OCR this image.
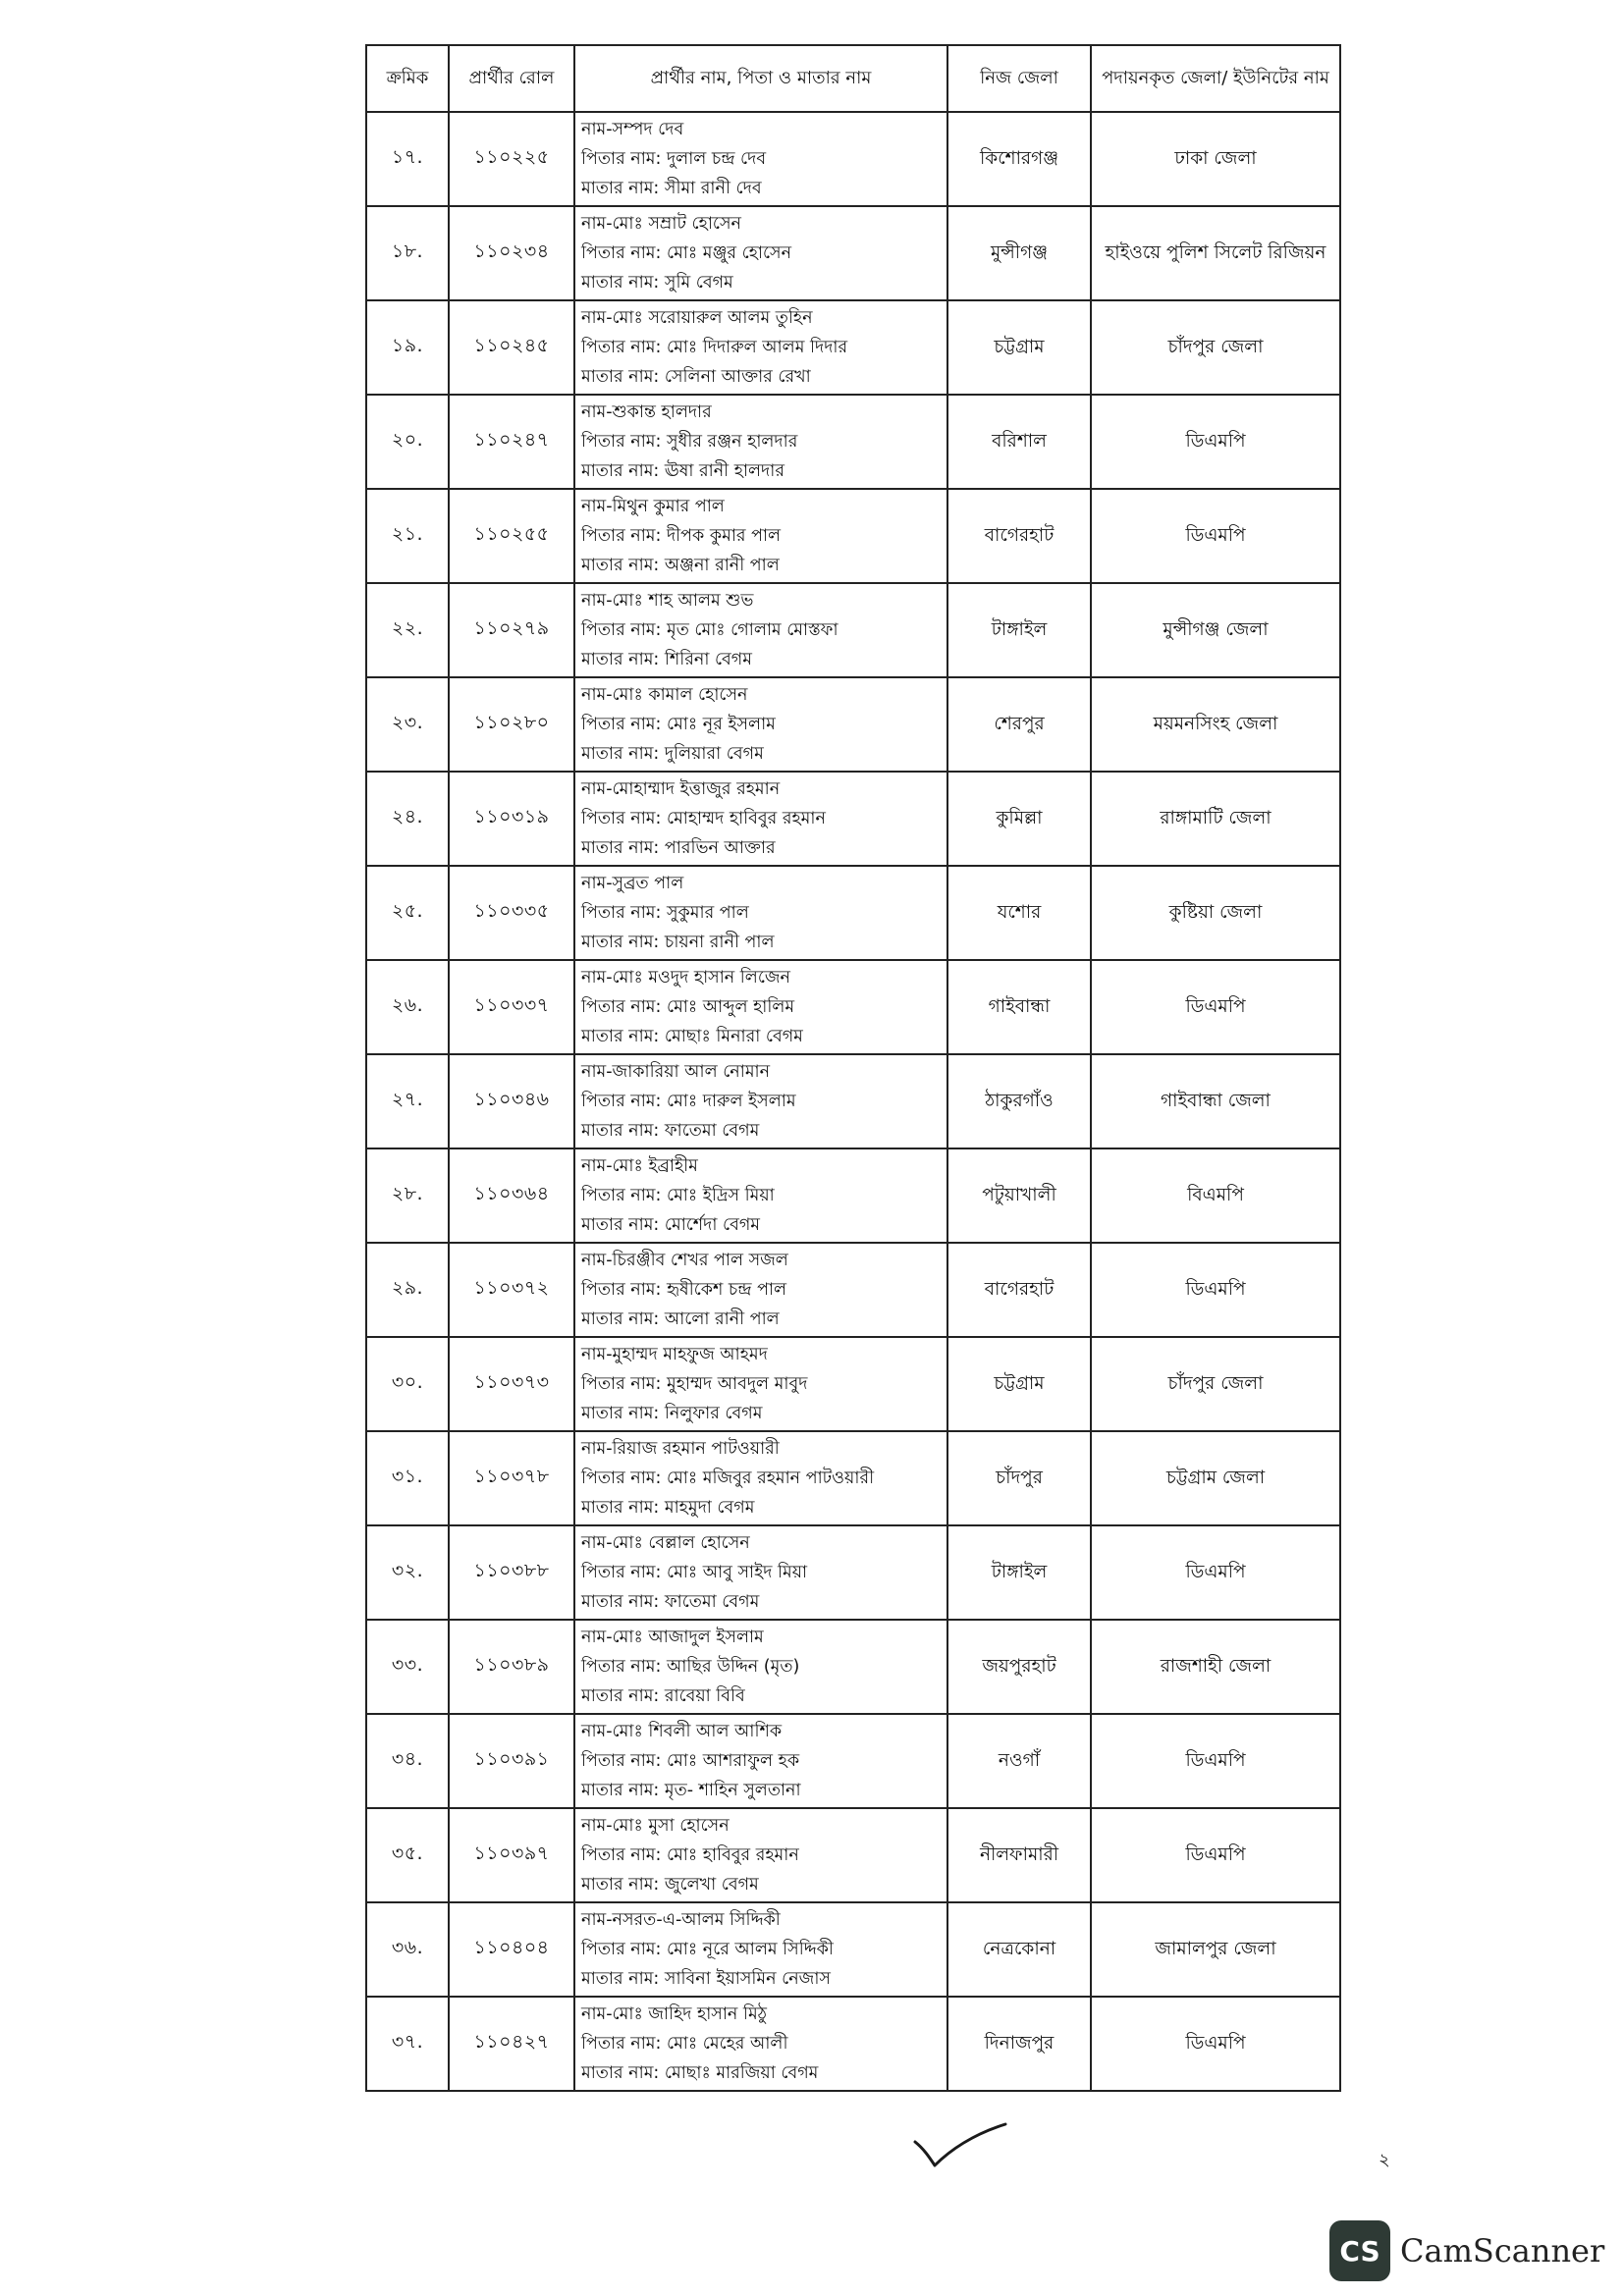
ক্রমিক	প্রার্থীর রোল	প্রার্থীর নাম, পিতা ও মাতার নাম	নিজ জেলা	পদায়নকৃত জেলা/ ইউনিটের নাম
১৭.	১১০২২৫	নাম-সম্পদ দেব
পিতার নাম: দুলাল চন্দ্র দেব
মাতার নাম: সীমা রানী দেব	কিশোরগঞ্জ	ঢাকা জেলা
১৮.	১১০২৩৪	নাম-মোঃ সম্রাট হোসেন
পিতার নাম: মোঃ মঞ্জুর হোসেন
মাতার নাম: সুমি বেগম	মুন্সীগঞ্জ	হাইওয়ে পুলিশ সিলেট রিজিয়ন
১৯.	১১০২৪৫	নাম-মোঃ সরোয়ারুল আলম তুহিন
পিতার নাম: মোঃ দিদারুল আলম দিদার
মাতার নাম: সেলিনা আক্তার রেখা	চট্টগ্রাম	চাঁদপুর জেলা
২০.	১১০২৪৭	নাম-শুকান্ত হালদার
পিতার নাম: সুধীর রঞ্জন হালদার
মাতার নাম: ঊষা রানী হালদার	বরিশাল	ডিএমপি
২১.	১১০২৫৫	নাম-মিথুন কুমার পাল
পিতার নাম: দীপক কুমার পাল
মাতার নাম: অঞ্জনা রানী পাল	বাগেরহাট	ডিএমপি
২২.	১১০২৭৯	নাম-মোঃ শাহ আলম শুভ
পিতার নাম: মৃত মোঃ গোলাম মোস্তফা
মাতার নাম: শিরিনা বেগম	টাঙ্গাইল	মুন্সীগঞ্জ জেলা
২৩.	১১০২৮০	নাম-মোঃ কামাল হোসেন
পিতার নাম: মোঃ নূর ইসলাম
মাতার নাম: দুলিয়ারা বেগম	শেরপুর	ময়মনসিংহ জেলা
২৪.	১১০৩১৯	নাম-মোহাম্মাদ ইত্তাজুর রহমান
পিতার নাম: মোহাম্মদ হাবিবুর রহমান
মাতার নাম: পারভিন আক্তার	কুমিল্লা	রাঙ্গামাটি জেলা
২৫.	১১০৩৩৫	নাম-সুব্রত পাল
পিতার নাম: সুকুমার পাল
মাতার নাম: চায়না রানী পাল	যশোর	কুষ্টিয়া জেলা
২৬.	১১০৩৩৭	নাম-মোঃ মওদুদ হাসান লিজেন
পিতার নাম: মোঃ আব্দুল হালিম
মাতার নাম: মোছাঃ মিনারা বেগম	গাইবান্ধা	ডিএমপি
২৭.	১১০৩৪৬	নাম-জাকারিয়া আল নোমান
পিতার নাম: মোঃ দারুল ইসলাম
মাতার নাম: ফাতেমা বেগম	ঠাকুরগাঁও	গাইবান্ধা জেলা
২৮.	১১০৩৬৪	নাম-মোঃ ইব্রাহীম
পিতার নাম: মোঃ ইদ্রিস মিয়া
মাতার নাম: মোর্শেদা বেগম	পটুয়াখালী	বিএমপি
২৯.	১১০৩৭২	নাম-চিরঞ্জীব শেখর পাল সজল
পিতার নাম: হৃষীকেশ চন্দ্র পাল
মাতার নাম: আলো রানী পাল	বাগেরহাট	ডিএমপি
৩০.	১১০৩৭৩	নাম-মুহাম্মদ মাহফুজ আহমদ
পিতার নাম: মুহাম্মদ আবদুল মাবুদ
মাতার নাম: নিলুফার বেগম	চট্টগ্রাম	চাঁদপুর জেলা
৩১.	১১০৩৭৮	নাম-রিয়াজ রহমান পাটওয়ারী
পিতার নাম: মোঃ মজিবুর রহমান পাটওয়ারী
মাতার নাম: মাহমুদা বেগম	চাঁদপুর	চট্টগ্রাম জেলা
৩২.	১১০৩৮৮	নাম-মোঃ বেল্লাল হোসেন
পিতার নাম: মোঃ আবু সাইদ মিয়া
মাতার নাম: ফাতেমা বেগম	টাঙ্গাইল	ডিএমপি
৩৩.	১১০৩৮৯	নাম-মোঃ আজাদুল ইসলাম
পিতার নাম: আছির উদ্দিন (মৃত)
মাতার নাম: রাবেয়া বিবি	জয়পুরহাট	রাজশাহী জেলা
৩৪.	১১০৩৯১	নাম-মোঃ শিবলী আল আশিক
পিতার নাম: মোঃ আশরাফুল হক
মাতার নাম: মৃত- শাহিন সুলতানা	নওগাঁ	ডিএমপি
৩৫.	১১০৩৯৭	নাম-মোঃ মুসা হোসেন
পিতার নাম: মোঃ হাবিবুর রহমান
মাতার নাম: জুলেখা বেগম	নীলফামারী	ডিএমপি
৩৬.	১১০৪০৪	নাম-নসরত-এ-আলম সিদ্দিকী
পিতার নাম: মোঃ নূরে আলম সিদ্দিকী
মাতার নাম: সাবিনা ইয়াসমিন নেজাস	নেত্রকোনা	জামালপুর জেলা
৩৭.	১১০৪২৭	নাম-মোঃ জাহিদ হাসান মিঠু
পিতার নাম: মোঃ মেহের আলী
মাতার নাম: মোছাঃ মারজিয়া বেগম	দিনাজপুর	ডিএমপি
২
CS CamScanner
